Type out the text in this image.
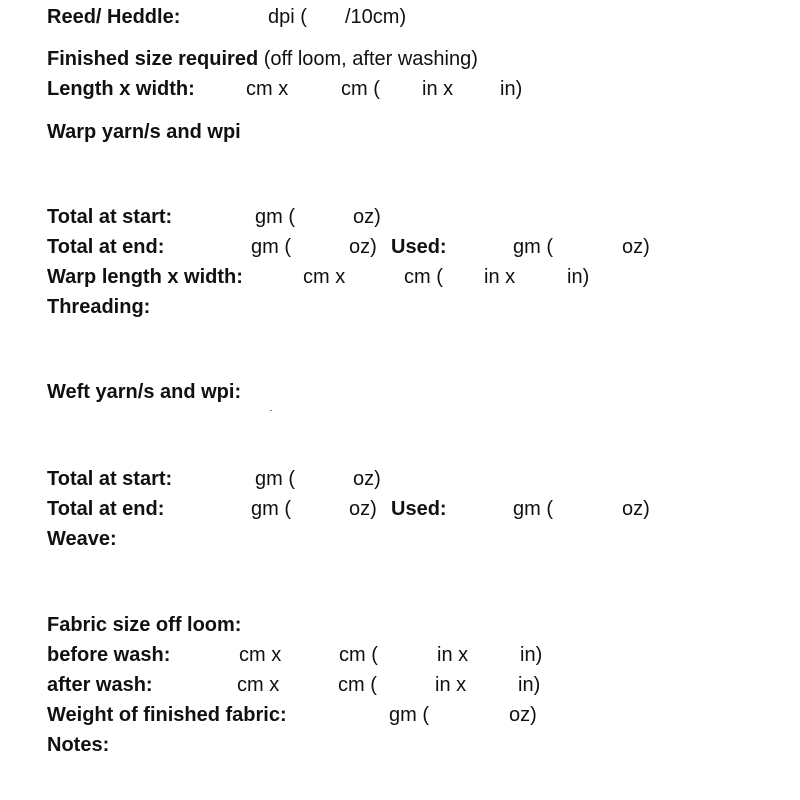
Reed/ Heddle:	dpi ( /10cm)
Finished size required (off loom, after washing)
Length x width:	cm x	cm ( in x in)
Warp yarn/s and wpi
Total at start:	gm (	oz)
Total at end:	gm (	oz) Used:	gm (	oz)
Warp length x width:	cm x	cm ( in x	in)
Threading:
Weft yarn/s and wpi:
Total at start:	gm (	oz)
Total at end:	gm (	oz) Used:	gm (	oz)
Weave:
Fabric size off loom:
before wash:	cm x	cm (	in x	in)
after wash:	cm x	cm (	in x	in)
Weight of finished fabric:	gm (	oz)
Notes:
